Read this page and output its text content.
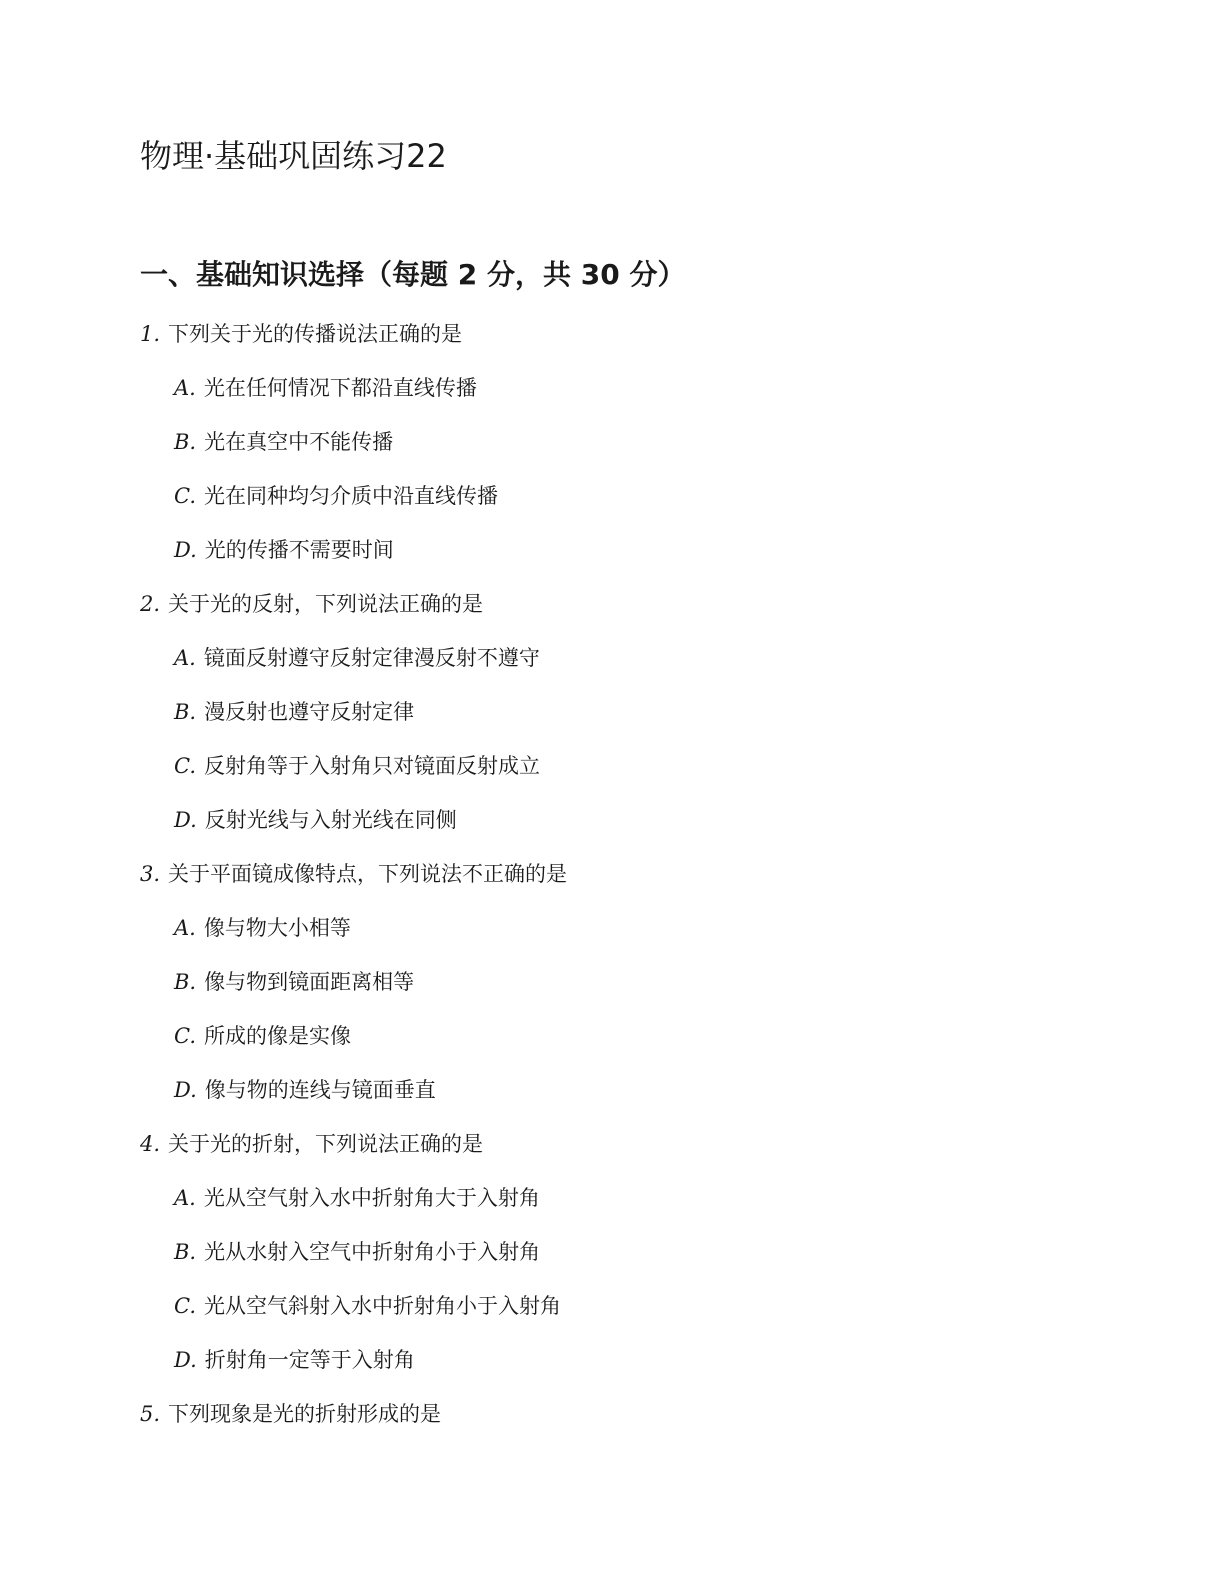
物理·基础巩固练习22
一、基础知识选择（每题 2 分，共 30 分）
1. 下列关于光的传播说法正确的是
A. 光在任何情况下都沿直线传播
B. 光在真空中不能传播
C. 光在同种均匀介质中沿直线传播
D. 光的传播不需要时间
2. 关于光的反射，下列说法正确的是
A. 镜面反射遵守反射定律漫反射不遵守
B. 漫反射也遵守反射定律
C. 反射角等于入射角只对镜面反射成立
D. 反射光线与入射光线在同侧
3. 关于平面镜成像特点，下列说法不正确的是
A. 像与物大小相等
B. 像与物到镜面距离相等
C. 所成的像是实像
D. 像与物的连线与镜面垂直
4. 关于光的折射，下列说法正确的是
A. 光从空气射入水中折射角大于入射角
B. 光从水射入空气中折射角小于入射角
C. 光从空气斜射入水中折射角小于入射角
D. 折射角一定等于入射角
5. 下列现象是光的折射形成的是
